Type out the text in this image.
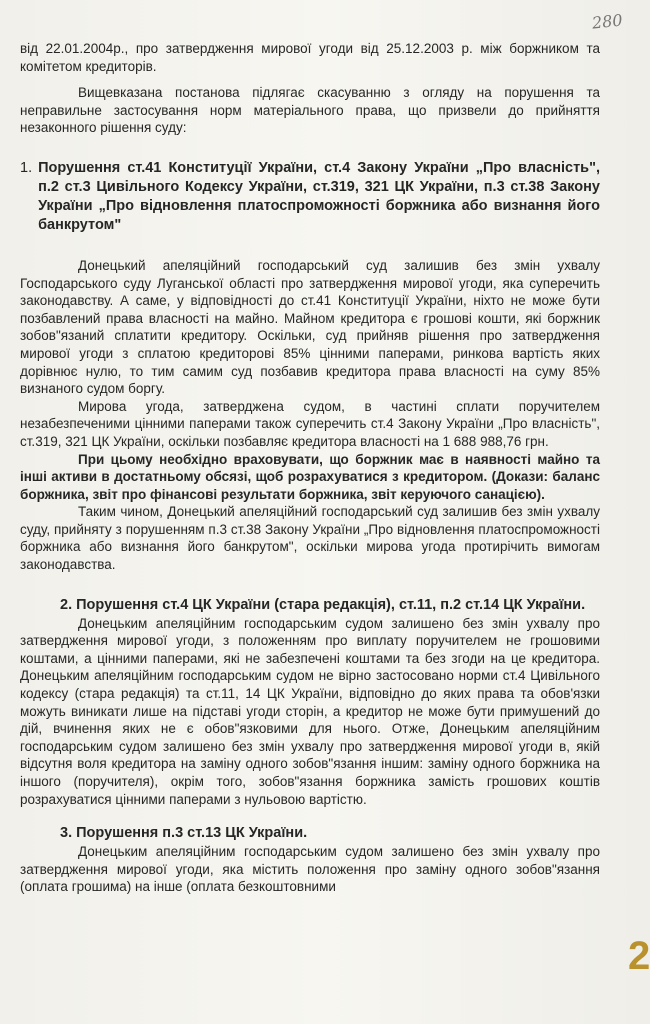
280
2

від 22.01.2004р., про затвердження мирової угоди від 25.12.2003 р. між боржником та комітетом кредиторів.

Вищевказана постанова підлягає скасуванню з огляду на порушення та неправильне застосування норм матеріального права, що призвели до прийняття незаконного рішення суду:

1. Порушення ст.41 Конституції України, ст.4 Закону України „Про власність", п.2 ст.3 Цивільного Кодексу України, ст.319, 321 ЦК України, п.3 ст.38 Закону України „Про відновлення платоспроможності боржника або визнання його банкрутом"

Донецький апеляційний господарський суд залишив без змін ухвалу Господарського суду Луганської області про затвердження мирової угоди, яка суперечить законодавству. А саме, у відповідності до ст.41 Конституції України, ніхто не може бути позбавлений права власності на майно. Майном кредитора є грошові кошти, які боржник зобов"язаний сплатити кредитору. Оскільки, суд прийняв рішення про затвердження мирової угоди з сплатою кредиторові 85% цінними паперами, ринкова вартість яких дорівнює нулю, то тим самим суд позбавив кредитора права власності на суму 85% визнаного судом боргу.

Мирова угода, затверджена судом, в частині сплати поручителем незабезпеченими цінними паперами також суперечить ст.4 Закону України „Про власність", ст.319, 321 ЦК України, оскільки позбавляє кредитора власності на 1 688 988,76 грн.

При цьому необхідно враховувати, що боржник має в наявності майно та інші активи в достатньому обсязі, щоб розрахуватися з кредитором. (Докази: баланс боржника, звіт про фінансові результати боржника, звіт керуючого санацією).

Таким чином, Донецький апеляційний господарський суд залишив без змін ухвалу суду, прийняту з порушенням п.3 ст.38 Закону України „Про відновлення платоспроможності боржника або визнання його банкрутом", оскільки мирова угода протирічить вимогам законодавства.

2. Порушення ст.4 ЦК України (стара редакція), ст.11, п.2 ст.14 ЦК України.

Донецьким апеляційним господарським судом залишено без змін ухвалу про затвердження мирової угоди, з положенням про виплату поручителем не грошовими коштами, а цінними паперами, які не забезпечені коштами та без згоди на це кредитора. Донецьким апеляційним господарським судом не вірно застосовано норми ст.4 Цивільного кодексу (стара редакція) та ст.11, 14 ЦК України, відповідно до яких права та обов'язки можуть виникати лише на підставі угоди сторін, а кредитор не може бути примушений до дій, вчинення яких не є обов"язковими для нього. Отже, Донецьким апеляційним господарським судом залишено без змін ухвалу про затвердження мирової угоди в, якій відсутня воля кредитора на заміну одного зобов"язання іншим: заміну одного боржника на іншого (поручителя), окрім того, зобов"язання боржника замість грошових коштів розрахуватися цінними паперами з нульовою вартістю.

3. Порушення п.3 ст.13 ЦК України.

Донецьким апеляційним господарським судом залишено без змін ухвалу про затвердження мирової угоди, яка містить положення про заміну одного зобов"язання (оплата грошима) на інше (оплата безкоштовними
